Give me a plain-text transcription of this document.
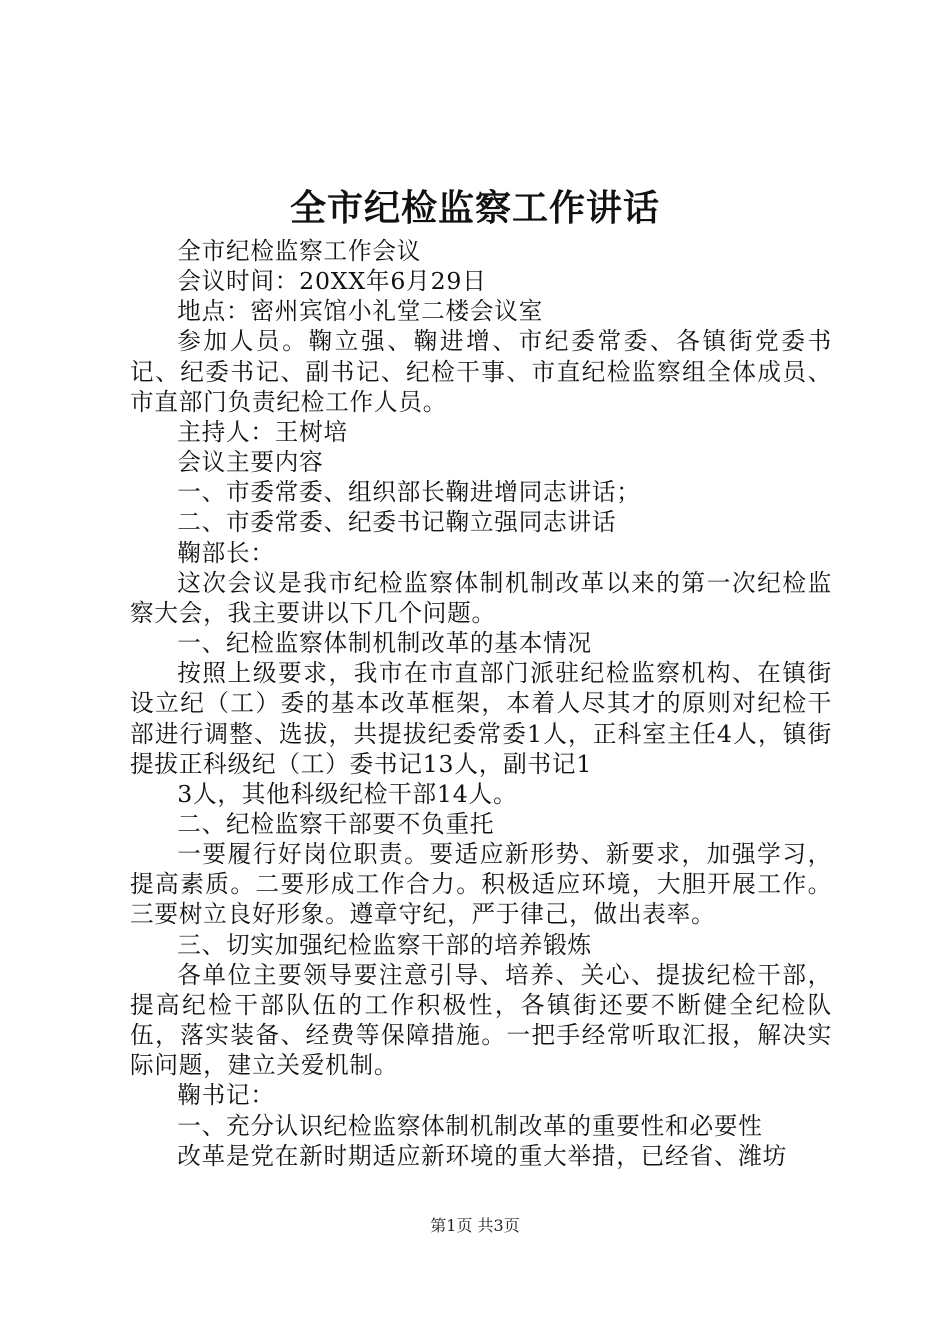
全市纪检监察工作讲话

全市纪检监察工作会议

会议时间：20XX年6月29日

地点：密州宾馆小礼堂二楼会议室

参加人员。鞠立强、鞠进增、市纪委常委、各镇街党委书记、纪委书记、副书记、纪检干事、市直纪检监察组全体成员、市直部门负责纪检工作人员。

主持人：王树培

会议主要内容

一、市委常委、组织部长鞠进增同志讲话；

二、市委常委、纪委书记鞠立强同志讲话

鞠部长：

这次会议是我市纪检监察体制机制改革以来的第一次纪检监察大会，我主要讲以下几个问题。

一、纪检监察体制机制改革的基本情况

按照上级要求，我市在市直部门派驻纪检监察机构、在镇街设立纪（工）委的基本改革框架，本着人尽其才的原则对纪检干部进行调整、选拔，共提拔纪委常委1人，正科室主任4人，镇街提拔正科级纪（工）委书记13人，副书记1

3人，其他科级纪检干部14人。

二、纪检监察干部要不负重托

一要履行好岗位职责。要适应新形势、新要求，加强学习，提高素质。二要形成工作合力。积极适应环境，大胆开展工作。三要树立良好形象。遵章守纪，严于律己，做出表率。

三、切实加强纪检监察干部的培养锻炼

各单位主要领导要注意引导、培养、关心、提拔纪检干部，提高纪检干部队伍的工作积极性，各镇街还要不断健全纪检队伍，落实装备、经费等保障措施。一把手经常听取汇报，解决实际问题，建立关爱机制。

鞠书记：

一、充分认识纪检监察体制机制改革的重要性和必要性

改革是党在新时期适应新环境的重大举措，已经省、潍坊

第1页 共3页
